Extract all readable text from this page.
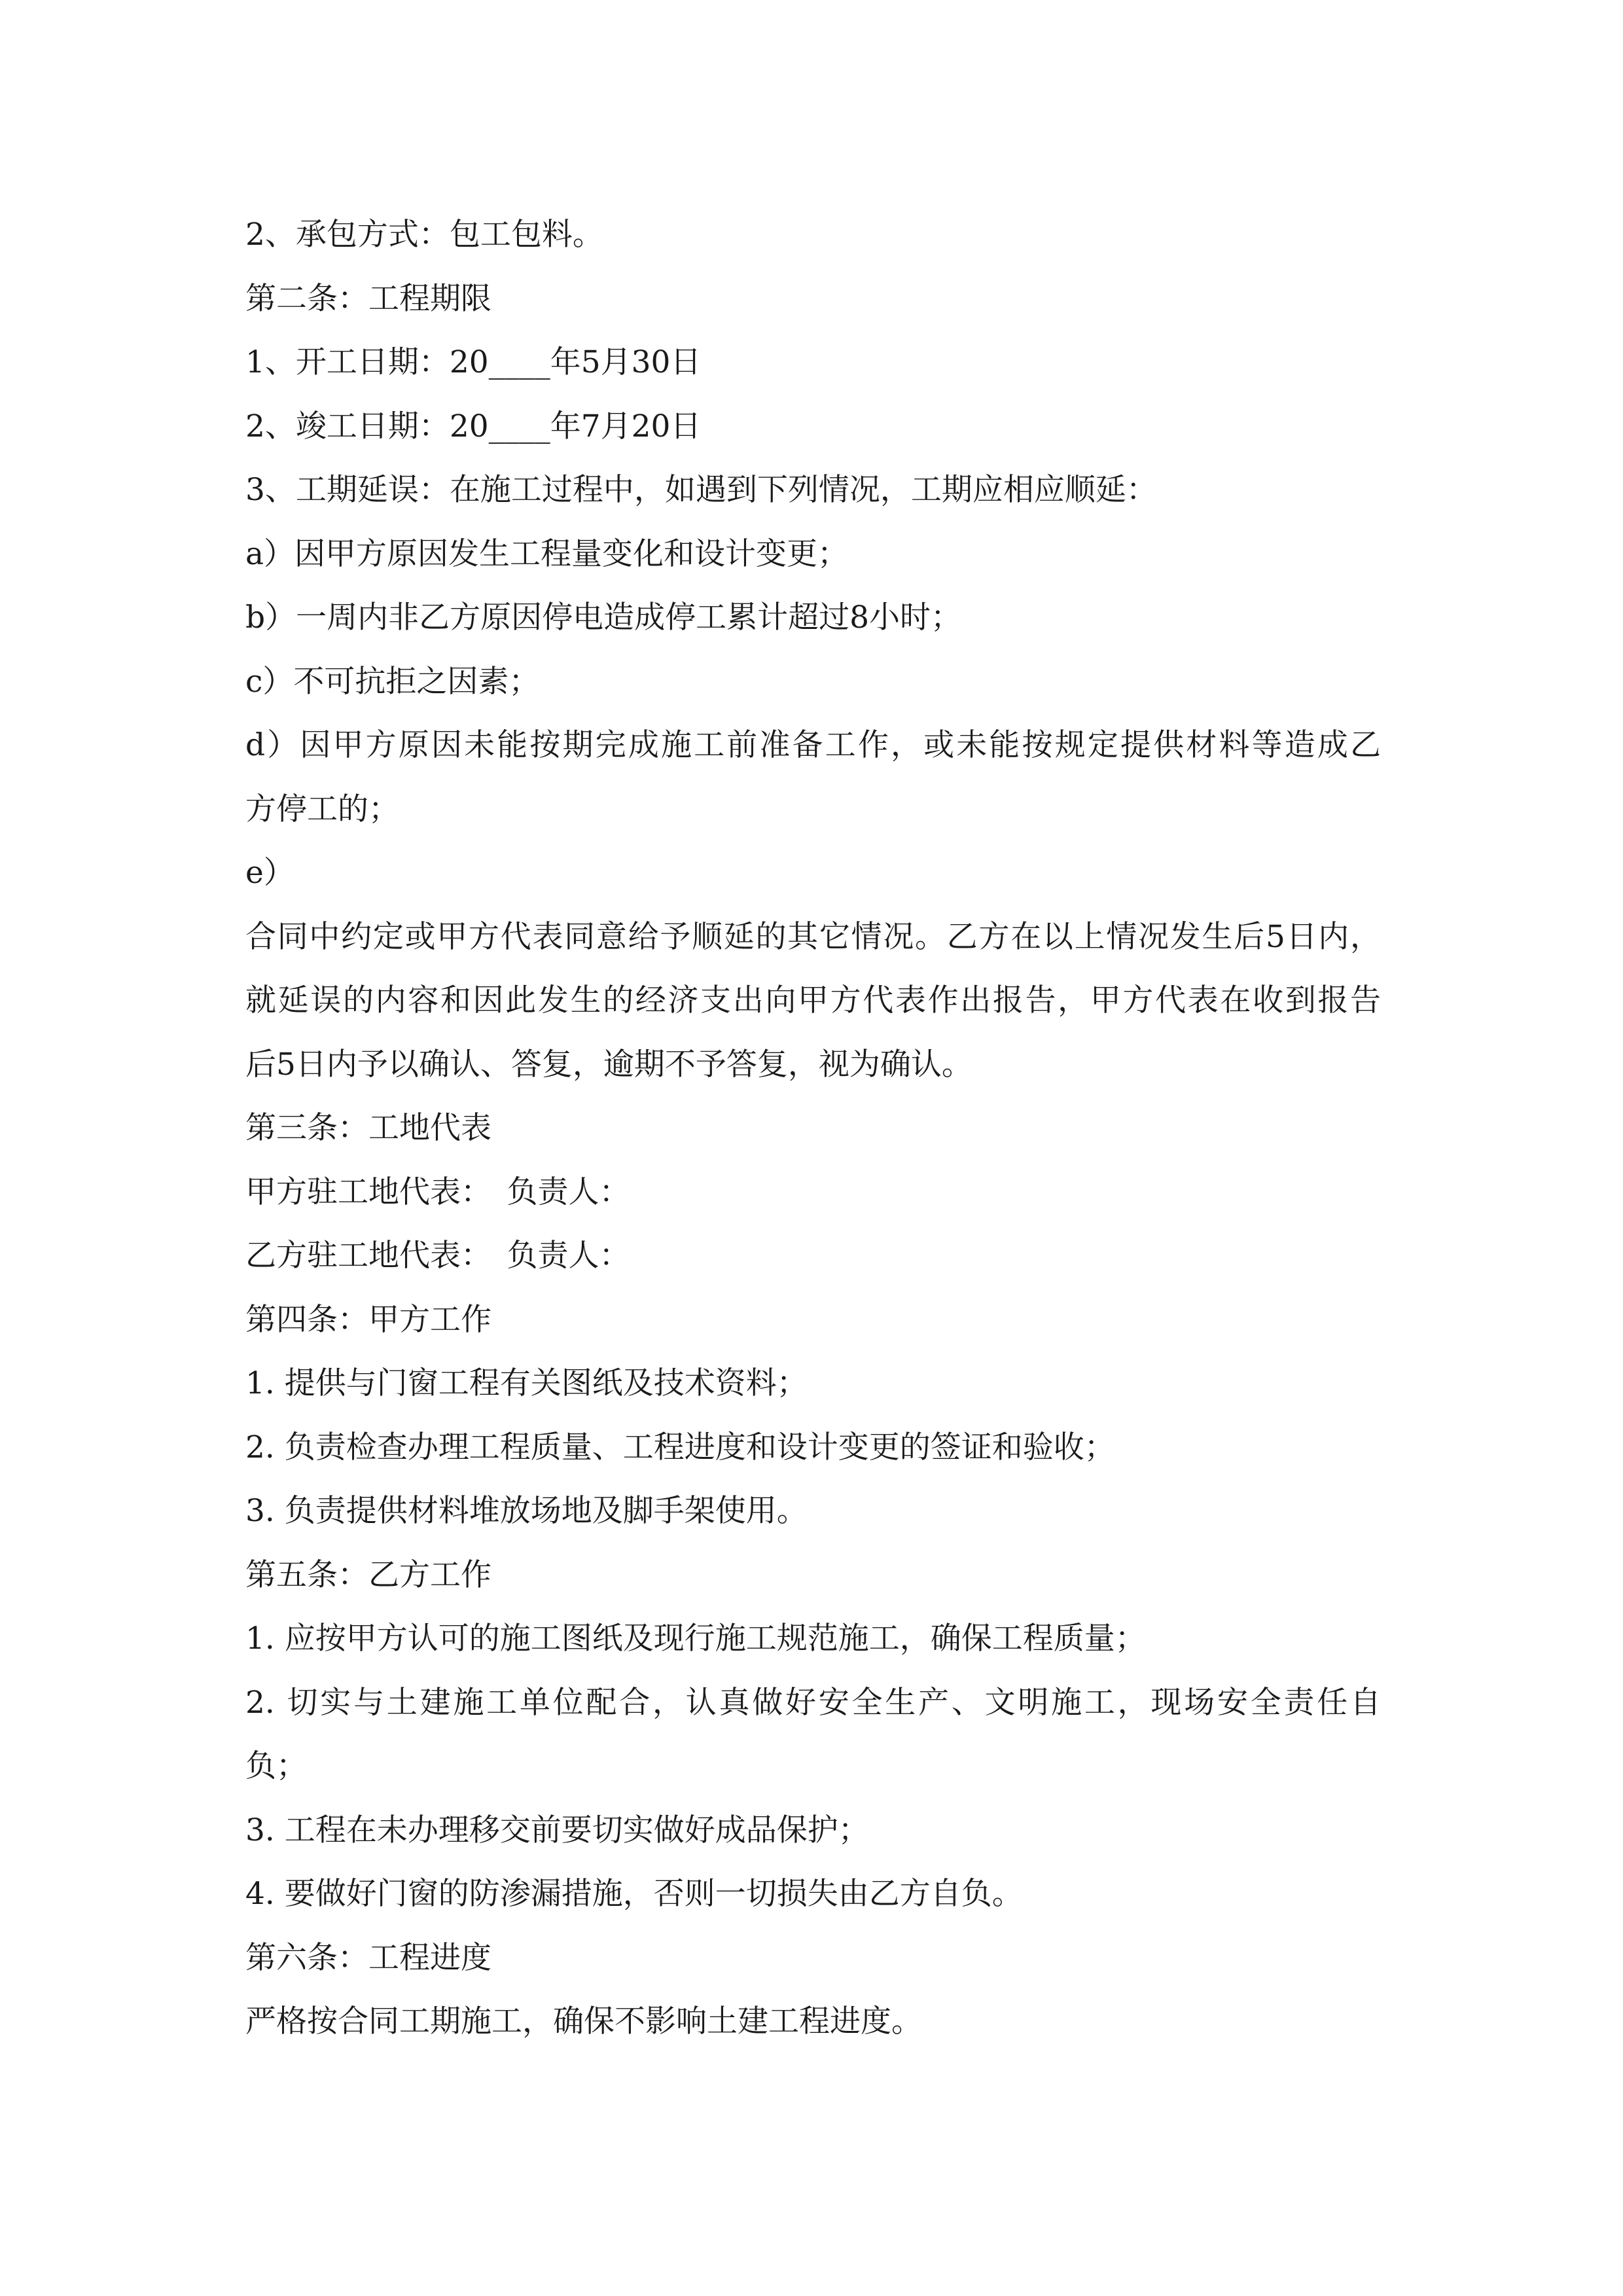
2、承包方式：包工包料。
第二条：工程期限
1、开工日期：20____年5月30日
2、竣工日期：20____年7月20日
3、工期延误：在施工过程中，如遇到下列情况，工期应相应顺延：
a）因甲方原因发生工程量变化和设计变更；
b）一周内非乙方原因停电造成停工累计超过8小时；
c）不可抗拒之因素；
d）因甲方原因未能按期完成施工前准备工作，或未能按规定提供材料等造成乙
方停工的；
e）
合同中约定或甲方代表同意给予顺延的其它情况。乙方在以上情况发生后5日内，
就延误的内容和因此发生的经济支出向甲方代表作出报告，甲方代表在收到报告
后5日内予以确认、答复，逾期不予答复，视为确认。
第三条：工地代表
甲方驻工地代表：　负责人：
乙方驻工地代表：　负责人：
第四条：甲方工作
1. 提供与门窗工程有关图纸及技术资料；
2. 负责检查办理工程质量、工程进度和设计变更的签证和验收；
3. 负责提供材料堆放场地及脚手架使用。
第五条：乙方工作
1. 应按甲方认可的施工图纸及现行施工规范施工，确保工程质量；
2. 切实与土建施工单位配合，认真做好安全生产、文明施工，现场安全责任自
负；
3. 工程在未办理移交前要切实做好成品保护；
4. 要做好门窗的防渗漏措施，否则一切损失由乙方自负。
第六条：工程进度
严格按合同工期施工，确保不影响土建工程进度。
